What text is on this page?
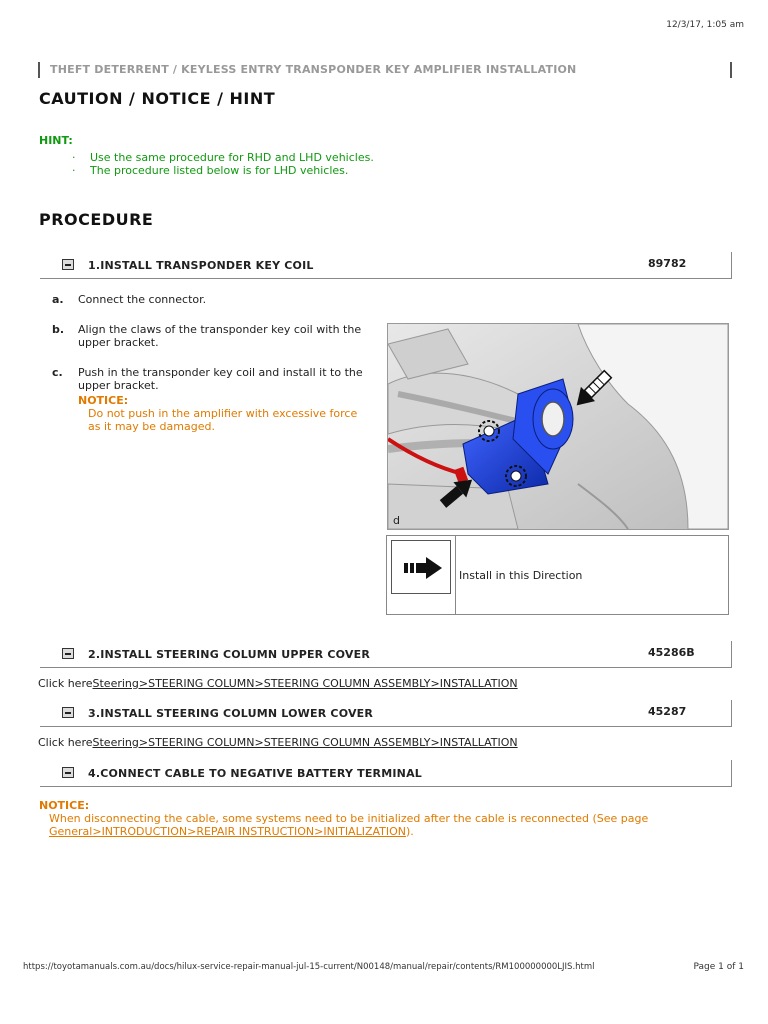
12/3/17, 1:05 am
THEFT DETERRENT / KEYLESS ENTRY TRANSPONDER KEY AMPLIFIER INSTALLATION
CAUTION / NOTICE / HINT
HINT:
· Use the same procedure for RHD and LHD vehicles.
· The procedure listed below is for LHD vehicles.
PROCEDURE
1.INSTALL TRANSPONDER KEY COIL	89782
a. Connect the connector.
b. Align the claws of the transponder key coil with the
upper bracket.
c. Push in the transponder key coil and install it to the
upper bracket.
NOTICE:
Do not push in the amplifier with excessive force
as it may be damaged.
d
Install in this Direction
2.INSTALL STEERING COLUMN UPPER COVER	45286B
Click hereSteering>STEERING COLUMN>STEERING COLUMN ASSEMBLY>INSTALLATION
3.INSTALL STEERING COLUMN LOWER COVER	45287
Click hereSteering>STEERING COLUMN>STEERING COLUMN ASSEMBLY>INSTALLATION
4.CONNECT CABLE TO NEGATIVE BATTERY TERMINAL
NOTICE:
When disconnecting the cable, some systems need to be initialized after the cable is reconnected (See page
General>INTRODUCTION>REPAIR INSTRUCTION>INITIALIZATION).
https://toyotamanuals.com.au/docs/hilux-service-repair-manual-jul-15-current/N00148/manual/repair/contents/RM100000000LJIS.html	Page 1 of 1
